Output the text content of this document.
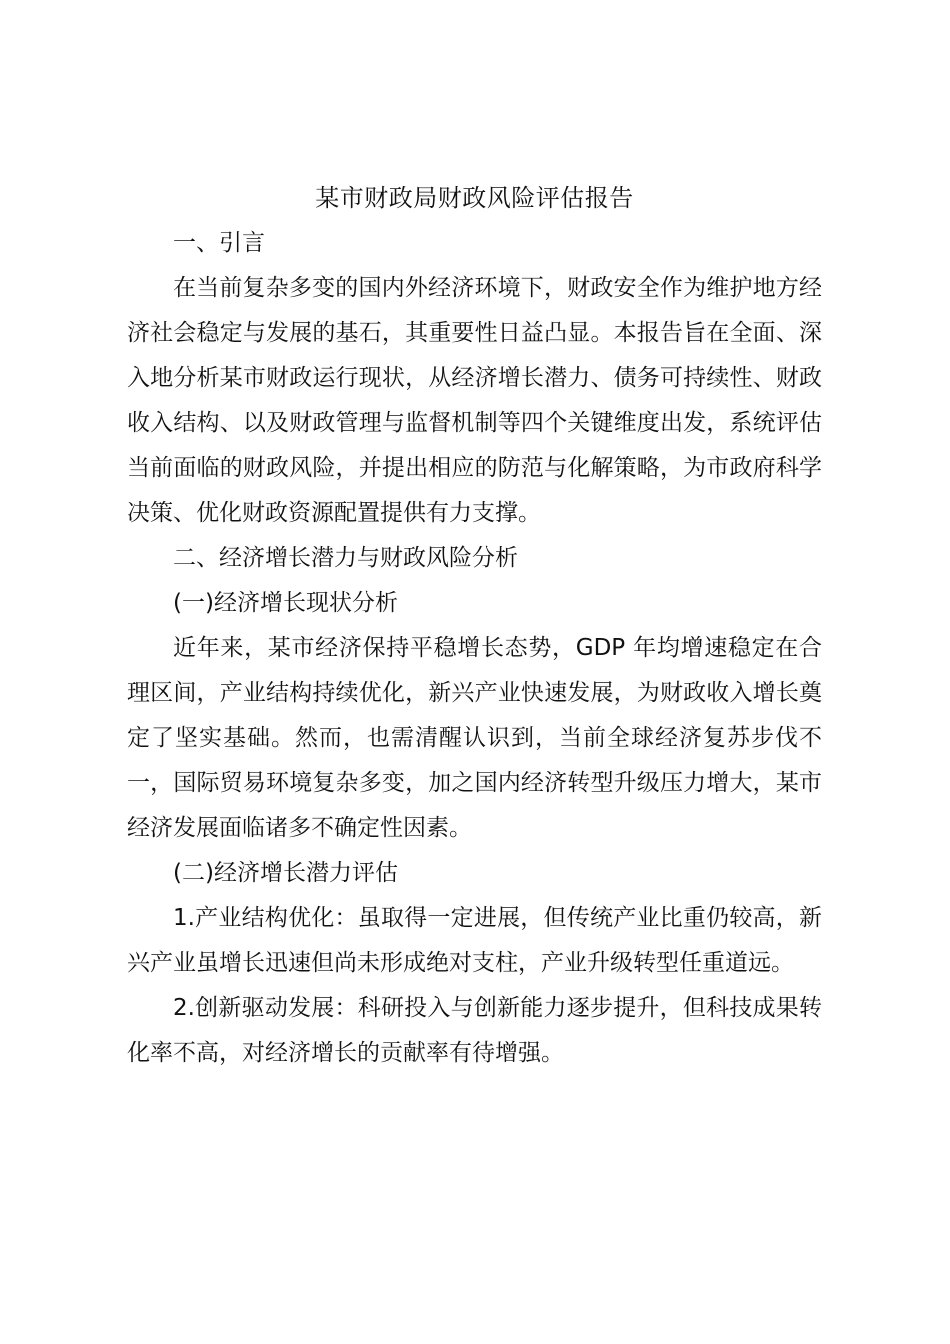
某市财政局财政风险评估报告

一、引言

在当前复杂多变的国内外经济环境下，财政安全作为维护地方经济社会稳定与发展的基石，其重要性日益凸显。本报告旨在全面、深入地分析某市财政运行现状，从经济增长潜力、债务可持续性、财政收入结构、以及财政管理与监督机制等四个关键维度出发，系统评估当前面临的财政风险，并提出相应的防范与化解策略，为市政府科学决策、优化财政资源配置提供有力支撑。

二、经济增长潜力与财政风险分析

(一)经济增长现状分析

近年来，某市经济保持平稳增长态势，GDP 年均增速稳定在合理区间，产业结构持续优化，新兴产业快速发展，为财政收入增长奠定了坚实基础。然而，也需清醒认识到，当前全球经济复苏步伐不一，国际贸易环境复杂多变，加之国内经济转型升级压力增大，某市经济发展面临诸多不确定性因素。

(二)经济增长潜力评估

1.产业结构优化：虽取得一定进展，但传统产业比重仍较高，新兴产业虽增长迅速但尚未形成绝对支柱，产业升级转型任重道远。

2.创新驱动发展：科研投入与创新能力逐步提升，但科技成果转化率不高，对经济增长的贡献率有待增强。
